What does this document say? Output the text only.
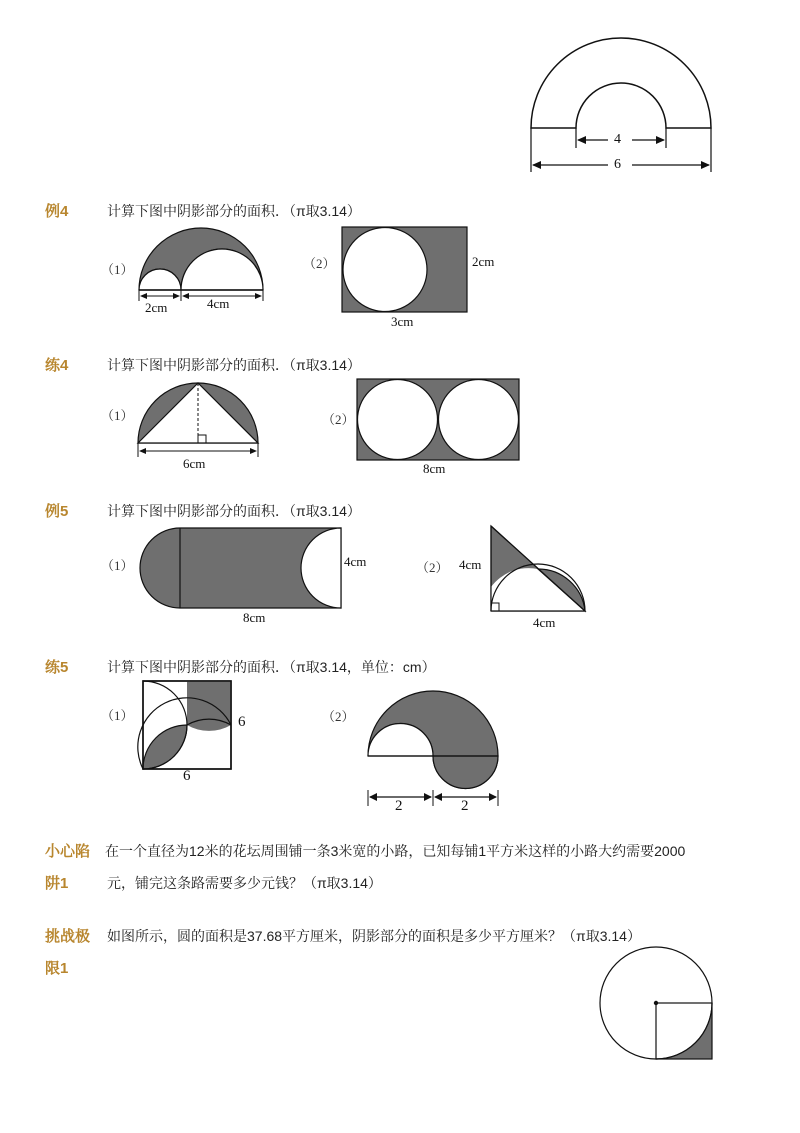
4
6
例4	计算下图中阴影部分的面积．（π取3.14）
（1）
2cm	4cm
（2）	2cm
3cm
练4	计算下图中阴影部分的面积．（π取3.14）
（1）
6cm
（2）
8cm
例5	计算下图中阴影部分的面积．（π取3.14）
（1）	4cm
8cm
（2） 4cm
4cm
练5	计算下图中阴影部分的面积．（π取3.14，单位：cm）
（1）	6
6
（2）
2	2
小心陷
阱1
在一个直径为12米的花坛周围铺一条3米宽的小路，已知每铺1平方米这样的小路大约需要2000
元，铺完这条路需要多少元钱？（π取3.14）
挑战极
限1
如图所示，圆的面积是37.68平方厘米，阴影部分的面积是多少平方厘米？（π取3.14）
